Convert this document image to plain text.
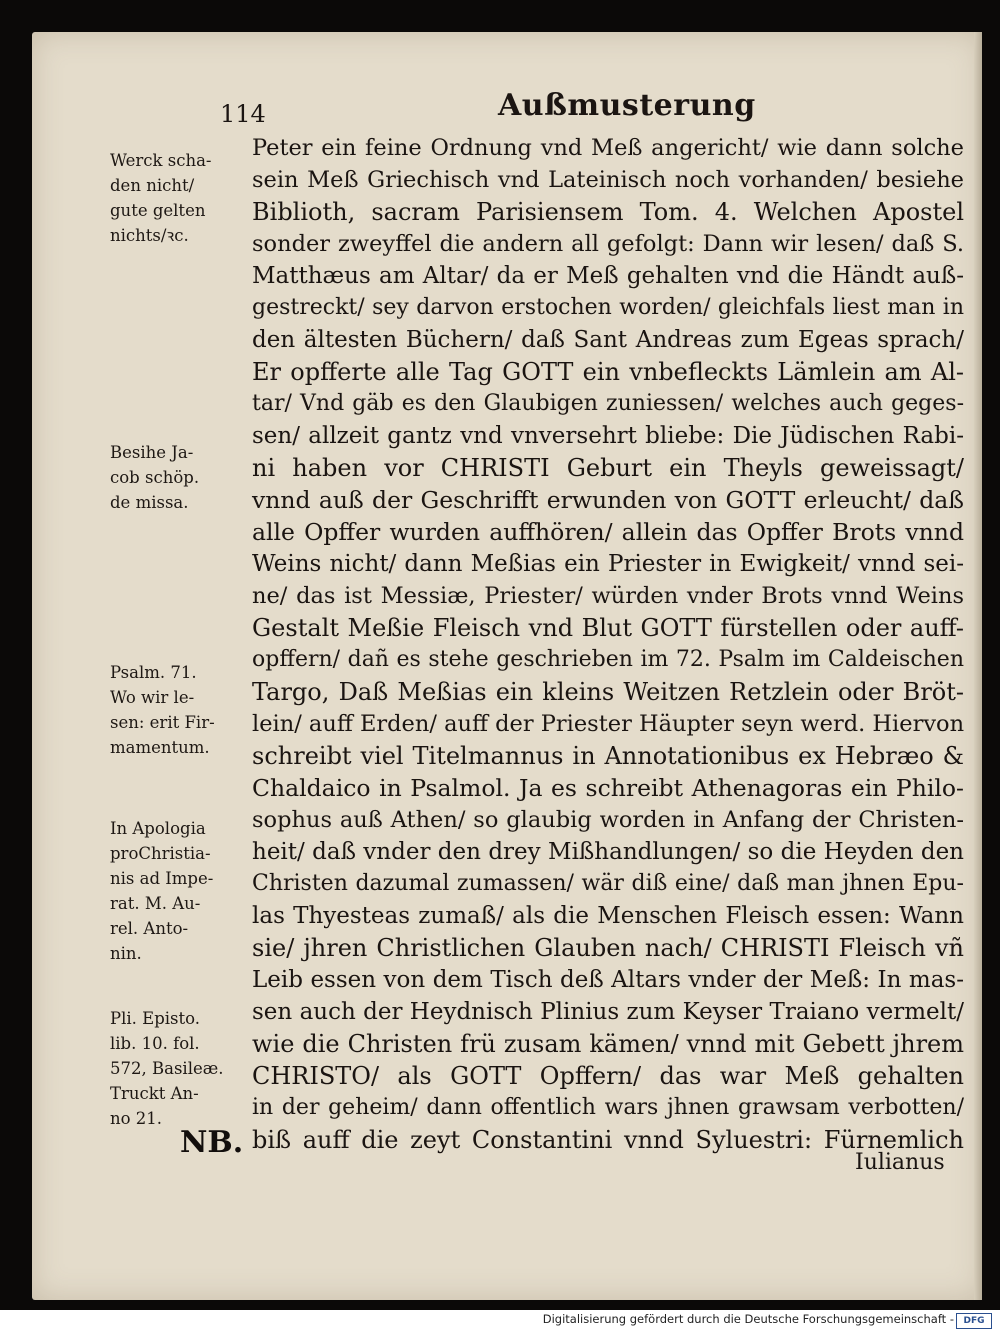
114	Außmusterung
Werck scha-
den nicht/
gute gelten
nichts/ꝛc.
Besihe Ja-
cob schöp.
de missa.
Psalm. 71.
Wo wir le-
sen: erit Fir-
mamentum.
In Apologia
proChristia-
nis ad Impe-
rat. M. Au-
rel. Anto-
nin.
Pli. Episto.
lib. 10. fol.
572, Basileæ.
Truckt An-
no 21.
NB.
Peter ein feine Ordnung vnd Meß angericht/ wie dann solche
sein Meß Griechisch vnd Lateinisch noch vorhanden/ besiehe
Biblioth, sacram Parisiensem Tom. 4. Welchen Apostel
sonder zweyffel die andern all gefolgt: Dann wir lesen/ daß S.
Matthæus am Altar/ da er Meß gehalten vnd die Händt auß-
gestreckt/ sey darvon erstochen worden/ gleichfals liest man in
den ältesten Büchern/ daß Sant Andreas zum Egeas sprach/
Er opfferte alle Tag GOTT ein vnbefleckts Lämlein am Al-
tar/ Vnd gäb es den Glaubigen zuniessen/ welches auch geges-
sen/ allzeit gantz vnd vnversehrt bliebe: Die Jüdischen Rabi-
ni haben vor CHRISTI Geburt ein Theyls geweissagt/
vnnd auß der Geschrifft erwunden von GOTT erleucht/ daß
alle Opffer wurden auffhören/ allein das Opffer Brots vnnd
Weins nicht/ dann Meßias ein Priester in Ewigkeit/ vnnd sei-
ne/ das ist Messiæ, Priester/ würden vnder Brots vnnd Weins
Gestalt Meßie Fleisch vnd Blut GOTT fürstellen oder auff-
opffern/ dañ es stehe geschrieben im 72. Psalm im Caldeischen
Targo, Daß Meßias ein kleins Weitzen Retzlein oder Bröt-
lein/ auff Erden/ auff der Priester Häupter seyn werd. Hiervon
schreibt viel Titelmannus in Annotationibus ex Hebræo &
Chaldaico in Psalmol. Ja es schreibt Athenagoras ein Philo-
sophus auß Athen/ so glaubig worden in Anfang der Christen-
heit/ daß vnder den drey Mißhandlungen/ so die Heyden den
Christen dazumal zumassen/ wär diß eine/ daß man jhnen Epu-
las Thyesteas zumaß/ als die Menschen Fleisch essen: Wann
sie/ jhren Christlichen Glauben nach/ CHRISTI Fleisch vñ
Leib essen von dem Tisch deß Altars vnder der Meß: In mas-
sen auch der Heydnisch Plinius zum Keyser Traiano vermelt/
wie die Christen frü zusam kämen/ vnnd mit Gebett jhrem
CHRISTO/ als GOTT Opffern/ das war Meß gehalten
in der geheim/ dann offentlich wars jhnen grawsam verbotten/
biß auff die zeyt Constantini vnnd Syluestri: Fürnemlich
Iulianus
Digitalisierung gefördert durch die Deutsche Forschungsgemeinschaft -	DFG
